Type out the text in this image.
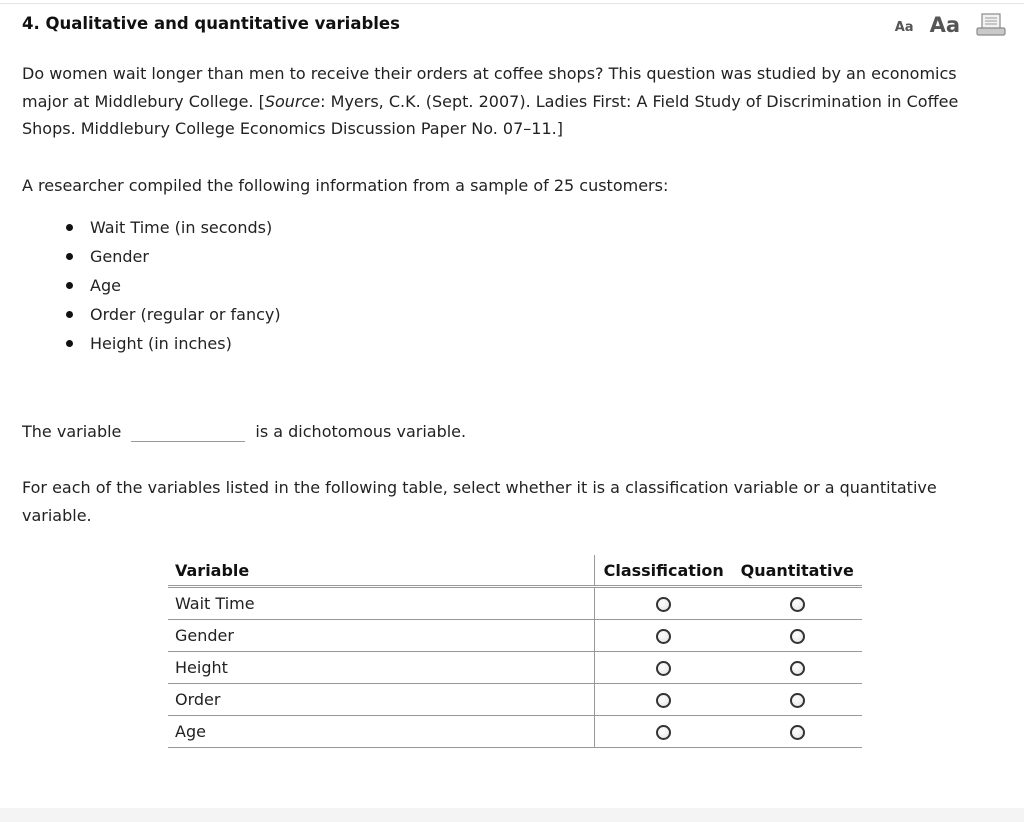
4. Qualitative and quantitative variables	Aa Aa

Do women wait longer than men to receive their orders at coffee shops? This question was studied by an economics major at Middlebury College. [Source: Myers, C.K. (Sept. 2007). Ladies First: A Field Study of Discrimination in Coffee Shops. Middlebury College Economics Discussion Paper No. 07–11.]

A researcher compiled the following information from a sample of 25 customers:

Wait Time (in seconds)
Gender
Age
Order (regular or fancy)
Height (in inches)
The variable	is a dichotomous variable.

For each of the variables listed in the following table, select whether it is a classification variable or a quantitative variable.

Variable	Classification	Quantitative
Wait Time		
Gender		
Height		
Order		
Age		
